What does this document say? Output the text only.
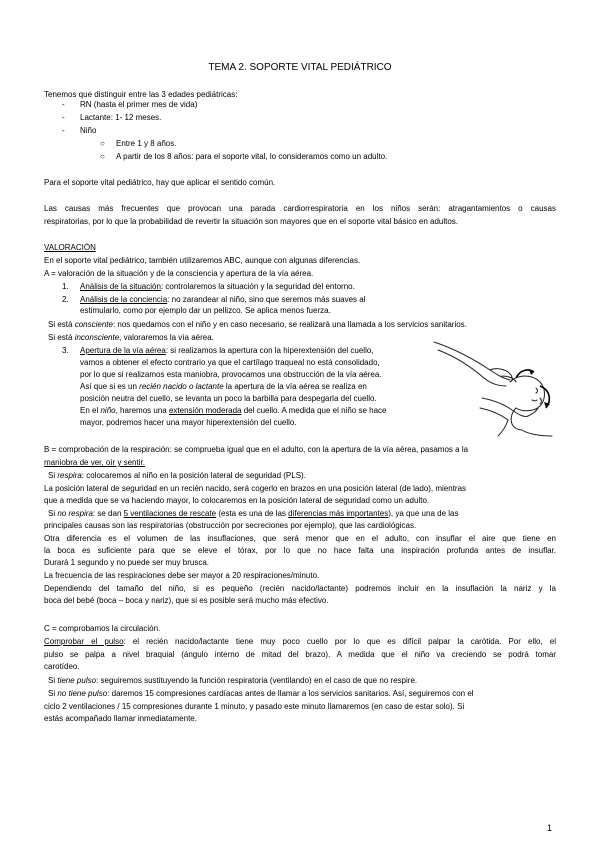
TEMA 2. SOPORTE VITAL PEDIÁTRICO
Tenemos que distinguir entre las 3 edades pediátricas:
- RN (hasta el primer mes de vida)
- Lactante: 1- 12 meses.
- Niño
○ Entre 1 y 8 años.
○ A partir de los 8 años: para el soporte vital, lo consideramos como un adulto.
Para el soporte vital pediátrico, hay que aplicar el sentido común.
Las causas más frecuentes que provocan una parada cardiorrespiratoria en los niños serán: atragantamientos o causas
respiratorias, por lo que la probabilidad de revertir la situación son mayores que en el soporte vital básico en adultos.
VALORACIÓN
En el soporte vital pediátrico, también utilizaremos ABC, aunque con algunas diferencias.
A = valoración de la situación y de la consciencia y apertura de la vía aérea.
1. Análisis de la situación: controlaremos la situación y la seguridad del entorno.
2. Análisis de la conciencia: no zarandear al niño, sino que seremos más suaves al
estimularlo, como por ejemplo dar un pellizco. Se aplica menos fuerza.
Si está consciente: nos quedamos con el niño y en caso necesario, se realizará una llamada a los servicios sanitarios.
Si está inconsciente, valoraremos la vía aérea.
3. Apertura de la vía aérea: si realizamos la apertura con la hiperextensión del cuello,
vamos a obtener el efecto contrario ya que el cartílago traqueal no está consolidado,
por lo que si realizamos esta maniobra, provocamos una obstrucción de la vía aérea.
Así que si es un recién nacido o lactante la apertura de la vía aérea se realiza en
posición neutra del cuello, se levanta un poco la barbilla para despegarla del cuello.
En el niño, haremos una extensión moderada del cuello. A medida que el niño se hace
mayor, podremos hacer una mayor hiperextensión del cuello.
B = comprobación de la respiración: se comprueba igual que en el adulto, con la apertura de la vía aérea, pasamos a la
maniobra de ver, oír y sentir.
Si respira: colocaremos al niño en la posición lateral de seguridad (PLS).
La posición lateral de seguridad en un recién nacido, será cogerlo en brazos en una posición lateral (de lado), mientras
que a medida que se va haciendo mayor, lo colocaremos en la posición lateral de seguridad como un adulto.
Si no respira: se dan 5 ventilaciones de rescate (esta es una de las diferencias más importantes), ya que una de las
principales causas son las respiratorias (obstrucción por secreciones por ejemplo), que las cardiológicas.
Otra diferencia es el volumen de las insuflaciones, que será menor que en el adulto, con insuflar el aire que tiene en
la boca es suficiente para que se eleve el tórax, por lo que no hace falta una inspiración profunda antes de insuflar.
Durará 1 segundo y no puede ser muy brusca.
La frecuencia de las respiraciones debe ser mayor a 20 respiraciones/minuto.
Dependiendo del tamaño del niño, si es pequeño (recién nacido/lactante) podremos incluir en la insuflación la nariz y la
boca del bebé (boca – boca y nariz), que si es posible será mucho más efectivo.
C = comprobamos la circulación.
Comprobar el pulso: el recién nacido/lactante tiene muy poco cuello por lo que es difícil palpar la carótida. Por ello, el
pulso se palpa a nivel braquial (ángulo interno de mitad del brazo). A medida que el niño va creciendo se podrá tomar
carotídeo.
Si tiene pulso: seguiremos sustituyendo la función respiratoria (ventilando) en el caso de que no respire.
Si no tiene pulso: daremos 15 compresiones cardíacas antes de llamar a los servicios sanitarios. Así, seguiremos con el
ciclo 2 ventilaciones / 15 compresiones durante 1 minuto, y pasado este minuto llamaremos (en caso de estar solo). Si
estás acompañado llamar inmediatamente.
1
